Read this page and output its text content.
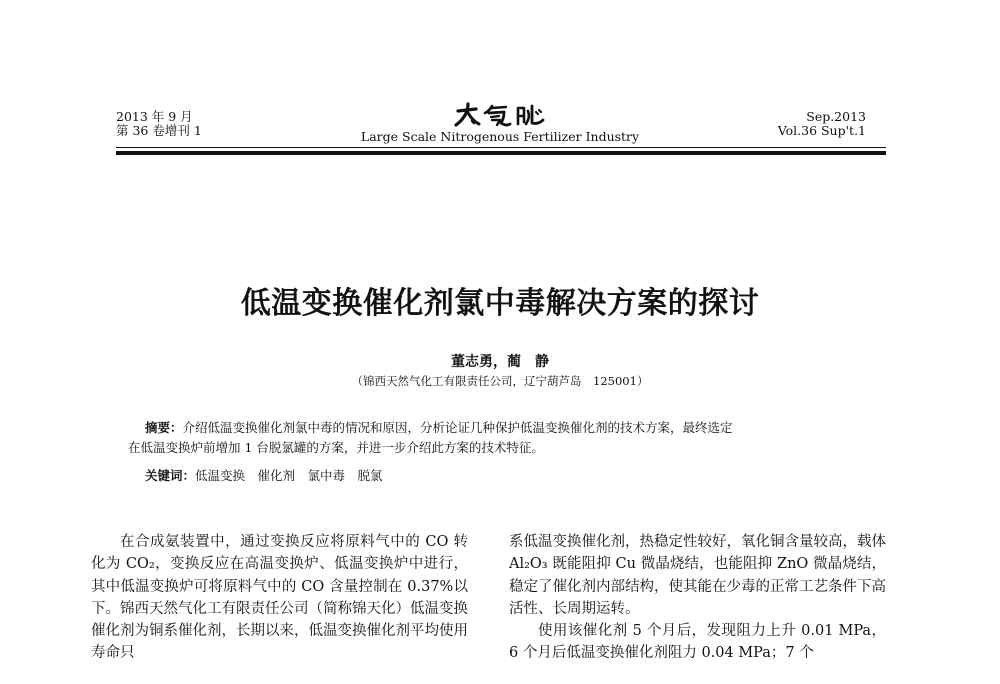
2013 年 9 月
第 36 卷增刊 1	Large Scale Nitrogenous Fertilizer Industry
Sep.2013
Vol.36 Sup't.1
低温变换催化剂氯中毒解决方案的探讨
董志勇，蔺　静
（锦西天然气化工有限责任公司，辽宁葫芦岛　125001）
摘要：介绍低温变换催化剂氯中毒的情况和原因，分析论证几种保护低温变换催化剂的技术方案，最终选定
在低温变换炉前增加 1 台脱氯罐的方案，并进一步介绍此方案的技术特征。
关键词：低温变换　催化剂　氯中毒　脱氯

在合成氨装置中，通过变换反应将原料气中的 CO 转化为 CO₂，变换反应在高温变换炉、低温变换炉中进行，其中低温变换炉可将原料气中的 CO 含量控制在 0.37%以下。锦西天然气化工有限责任公司（简称锦天化）低温变换催化剂为铜系催化剂，长期以来，低温变换催化剂平均使用寿命只

系低温变换催化剂，热稳定性较好，氧化铜含量较高，载体 Al₂O₃ 既能阻抑 Cu 微晶烧结，也能阻抑 ZnO 微晶烧结，稳定了催化剂内部结构，使其能在少毒的正常工艺条件下高活性、长周期运转。

使用该催化剂 5 个月后，发现阻力上升 0.01 MPa，6 个月后低温变换催化剂阻力 0.04 MPa；7 个
